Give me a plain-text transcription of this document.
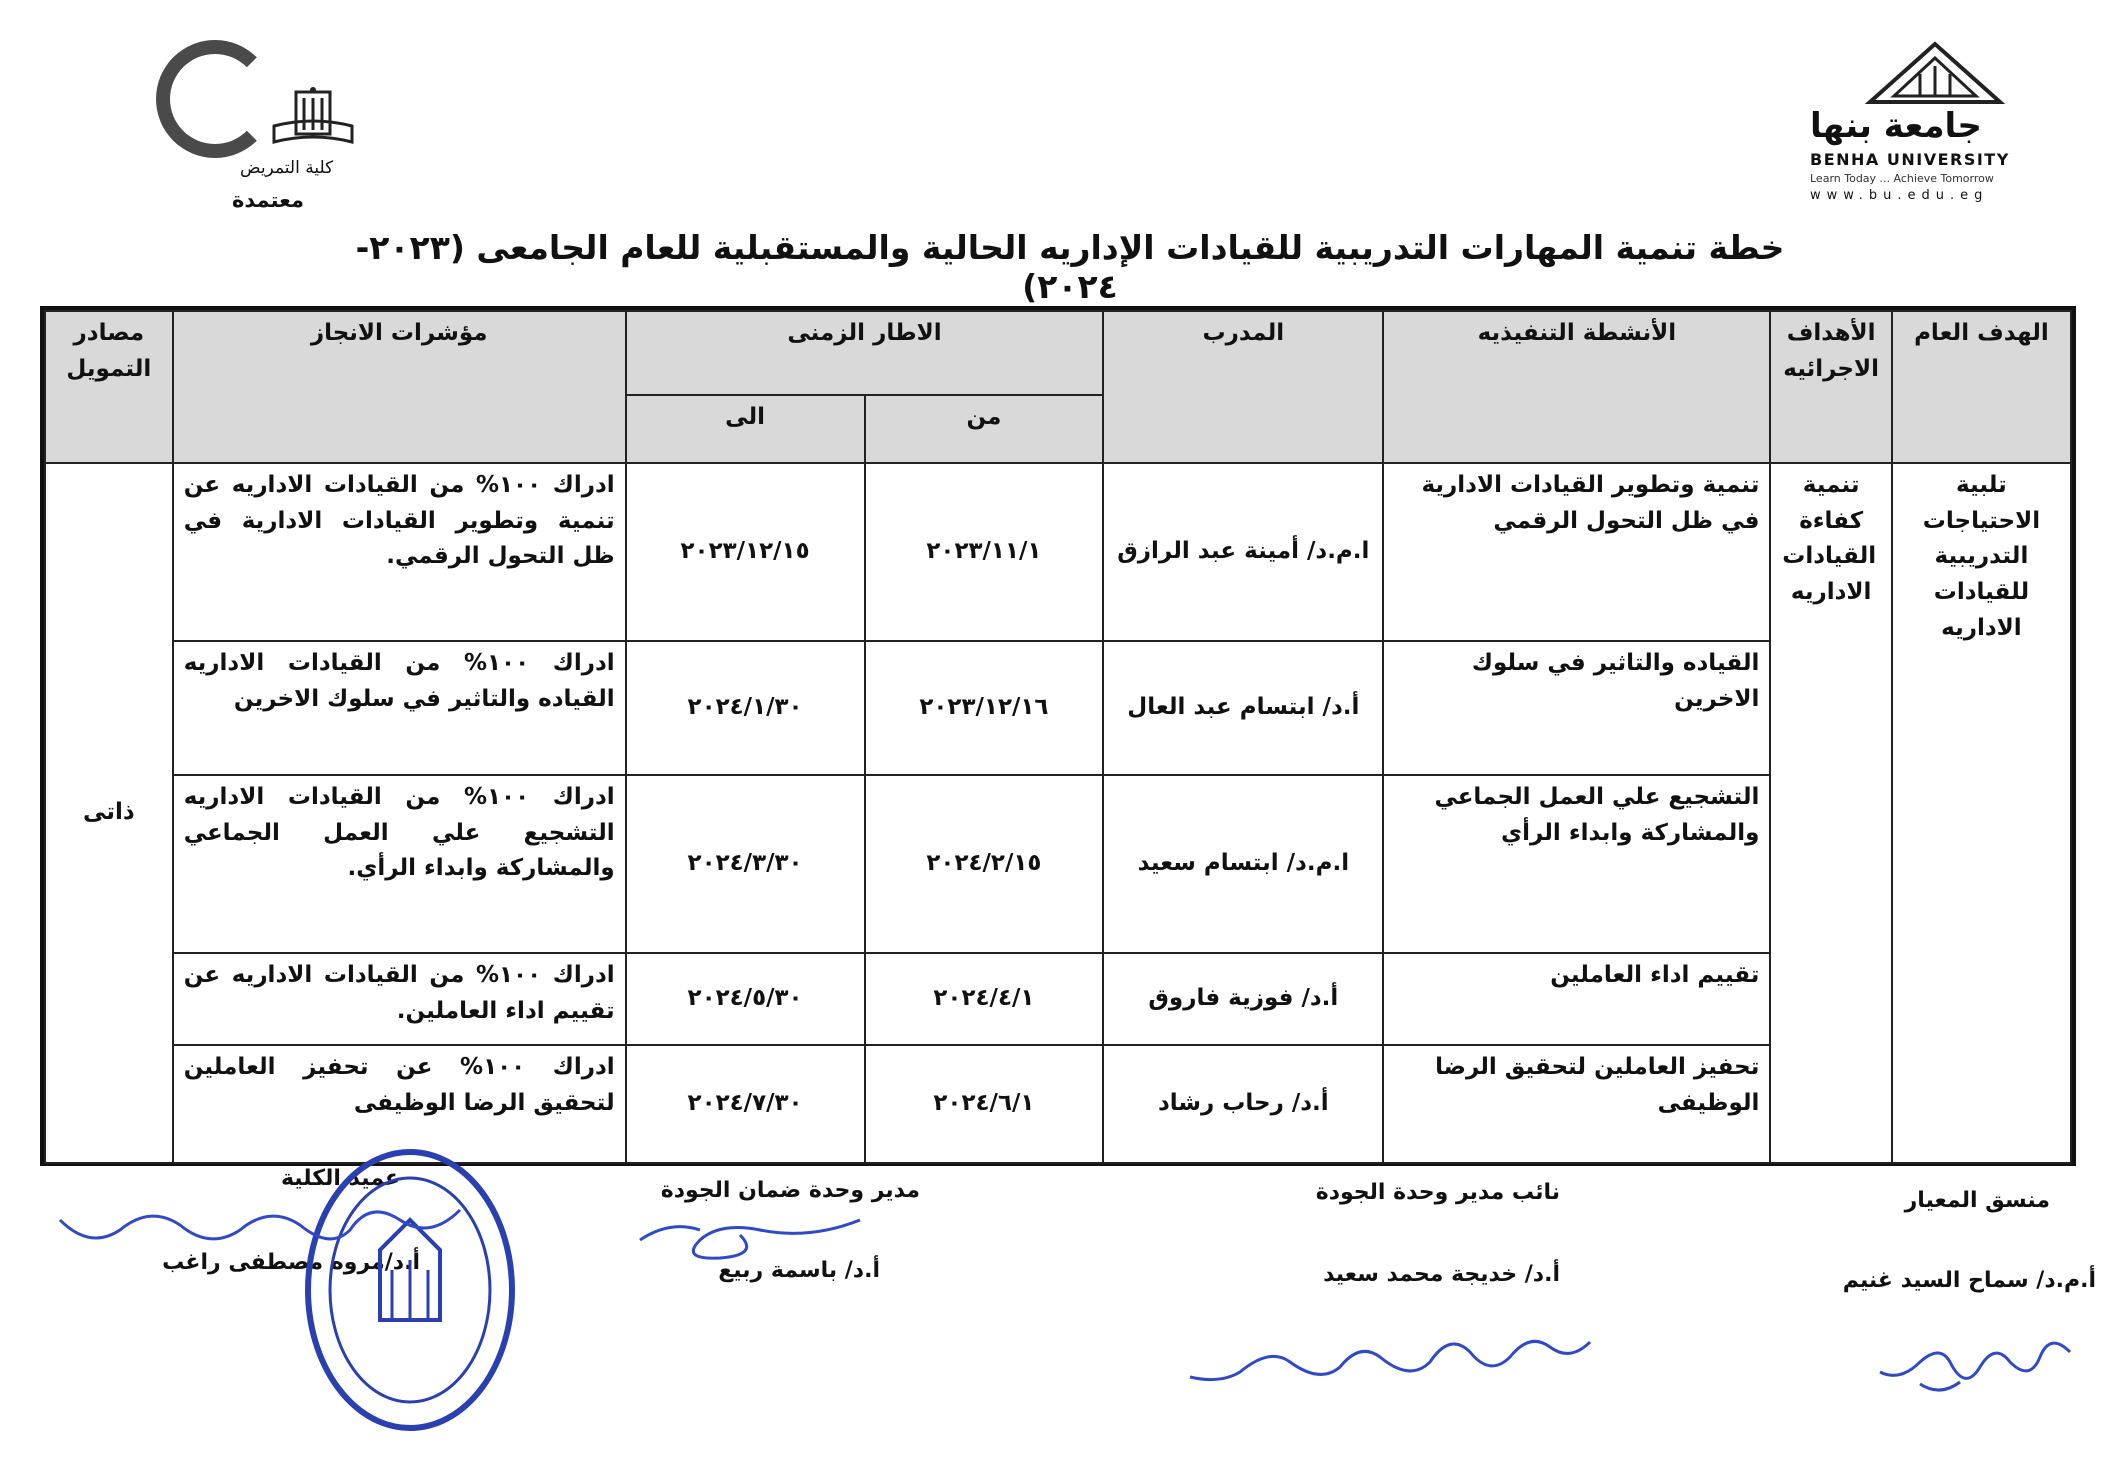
كلية التمريض
معتمدة
جامعة بنها
BENHA UNIVERSITY
Learn Today ... Achieve Tomorrow
www.bu.edu.eg
خطة تنمية المهارات التدريبية للقيادات الإداريه الحالية والمستقبلية للعام الجامعى (٢٠٢٣- ٢٠٢٤)
الهدف العام	الأهداف الاجرائيه	الأنشطة التنفيذيه	المدرب	الاطار الزمنى		مؤشرات الانجاز	مصادر التمويل
				من	الى		

تلبية الاحتياجات التدريبية للقيادات الاداريه	تنمية كفاءة القيادات الاداريه	تنمية وتطوير القيادات الادارية في ظل التحول الرقمي	ا.م.د/ أمينة عبد الرازق	٢٠٢٣/١١/١	٢٠٢٣/١٢/١٥	ادراك ١٠٠% من القيادات الاداريه عن تنمية وتطوير القيادات الادارية في ظل التحول الرقمي.	ذاتى
		القياده والتاثير في سلوك الاخرين	أ.د/ ابتسام عبد العال	٢٠٢٣/١٢/١٦	٢٠٢٤/١/٣٠	ادراك ١٠٠% من القيادات الاداريه القياده والتاثير في سلوك الاخرين	
		التشجيع علي العمل الجماعي والمشاركة وابداء الرأي	ا.م.د/ ابتسام سعيد	٢٠٢٤/٢/١٥	٢٠٢٤/٣/٣٠	ادراك ١٠٠% من القيادات الاداريه التشجيع علي العمل الجماعي والمشاركة وابداء الرأي.	
		تقييم اداء العاملين	أ.د/ فوزية فاروق	٢٠٢٤/٤/١	٢٠٢٤/٥/٣٠	ادراك ١٠٠% من القيادات الاداريه عن تقييم اداء العاملين.	
		تحفيز العاملين لتحقيق الرضا الوظيفى	أ.د/ رحاب رشاد	٢٠٢٤/٦/١	٢٠٢٤/٧/٣٠	ادراك ١٠٠% عن تحفيز العاملين لتحقيق الرضا الوظيفى	
منسق المعيار
أ.م.د/ سماح السيد غنيم
نائب مدير وحدة الجودة
أ.د/ خديجة محمد سعيد
مدير وحدة ضمان الجودة
أ.د/ باسمة ربيع
عميد الكلية
أ.د/مروه مصطفى راغب
